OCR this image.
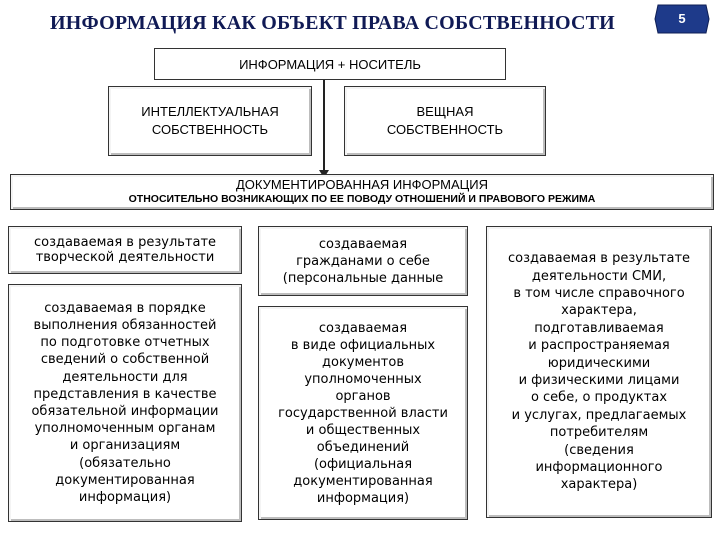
ИНФОРМАЦИЯ КАК ОБЪЕКТ ПРАВА СОБСТВЕННОСТИ	5
ИНФОРМАЦИЯ + НОСИТЕЛЬ
ИНТЕЛЛЕКТУАЛЬНАЯ
СОБСТВЕННОСТЬ
ВЕЩНАЯ
СОБСТВЕННОСТЬ
ДОКУМЕНТИРОВАННАЯ ИНФОРМАЦИЯ
ОТНОСИТЕЛЬНО ВОЗНИКАЮЩИХ ПО ЕЕ ПОВОДУ ОТНОШЕНИЙ И ПРАВОВОГО РЕЖИМА
создаваемая в результате
творческой деятельности
создаваемая в порядке
выполнения обязанностей
по подготовке отчетных
сведений о собственной
деятельности для
представления в качестве
обязательной информации
уполномоченным органам
и организациям
(обязательно
документированная
информация)
создаваемая
гражданами о себе
(персональные данные
создаваемая
в виде официальных
документов
уполномоченных
органов
государственной власти
и общественных
объединений
(официальная
документированная
информация)
создаваемая в результате
деятельности СМИ,
в том числе справочного
характера,
подготавливаемая
и распространяемая
юридическими
и физическими лицами
о себе, о продуктах
и услугах, предлагаемых
потребителям
(сведения
информационного
характера)
